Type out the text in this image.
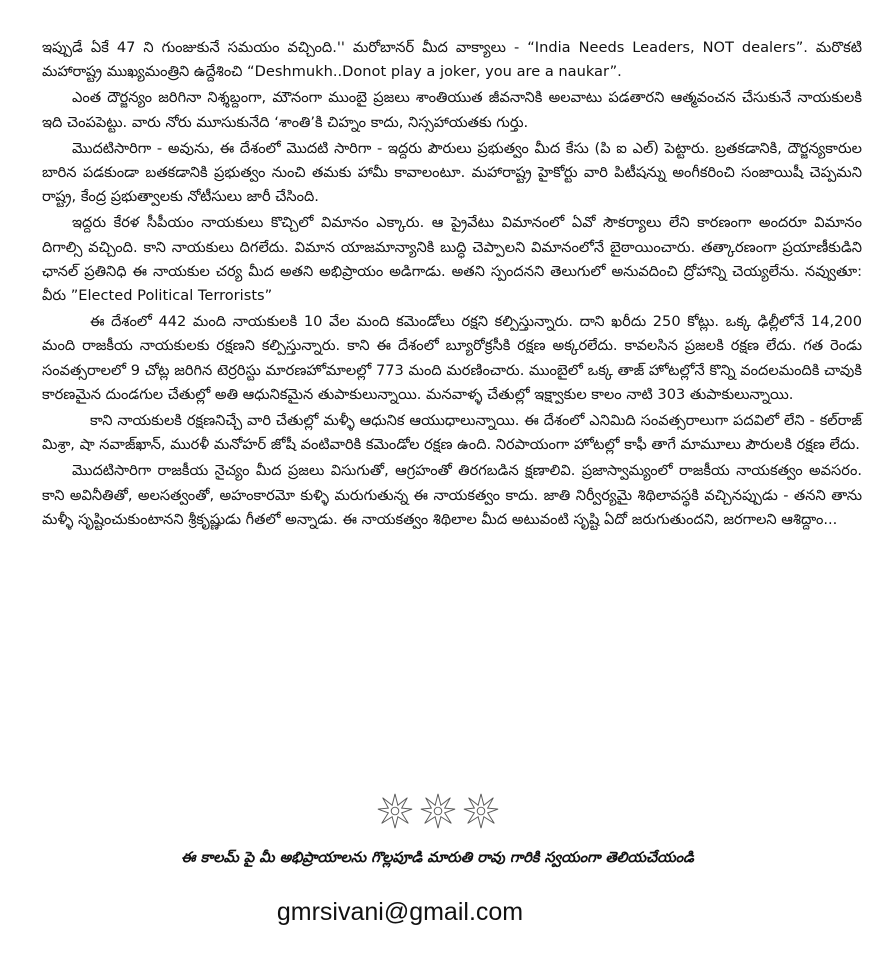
ఇప్పుడే ఏకే 47 ని గుంజుకునే సమయం వచ్చింది.'' మరోబానర్ మీద వాక్యాలు - “India Needs Leaders, NOT dealers”. మరొకటి మహారాష్ట్ర ముఖ్యమంత్రిని ఉద్దేశించి “Deshmukh..Donot play a joker, you are a naukar”.

ఎంత దౌర్జన్యం జరిగినా నిశ్శబ్దంగా, మౌనంగా ముంబై ప్రజలు శాంతియుత జీవనానికి అలవాటు పడతారని ఆత్మవంచన చేసుకునే నాయకులకి ఇది చెంపపెట్టు. వారు నోరు మూసుకునేది ‘శాంతి’కి చిహ్నం కాదు, నిస్సహాయతకు గుర్తు.

మొదటిసారిగా - అవును, ఈ దేశంలో మొదటి సారిగా - ఇద్దరు పౌరులు ప్రభుత్వం మీద కేసు (పి ఐ ఎల్) పెట్టారు. బ్రతకడానికి, దౌర్జన్యకారుల బారిన పడకుండా బతకడానికి ప్రభుత్వం నుంచి తమకు హామీ కావాలంటూ. మహారాష్ట్ర హైకోర్టు వారి పిటీషన్ను అంగీకరించి సంజాయిషీ చెప్పమని రాష్ట్ర, కేంద్ర ప్రభుత్వాలకు నోటీసులు జారీ చేసింది.

ఇద్దరు కేరళ సీపీయం నాయకులు కొచ్చిలో విమానం ఎక్కారు. ఆ ప్రైవేటు విమానంలో ఏవో సౌకర్యాలు లేని కారణంగా అందరూ విమానం దిగాల్సి వచ్చింది. కాని నాయకులు దిగలేదు. విమాన యాజమాన్యానికి బుద్ధి చెప్పాలని విమానంలోనే బైఠాయించారు. తత్కారణంగా ప్రయాణీకుడిని ఛానల్ ప్రతినిధి ఈ నాయకుల చర్య మీద అతని అభిప్రాయం అడిగాడు. అతని స్పందనని తెలుగులో అనువదించి ద్రోహాన్ని చెయ్యలేను. నవ్వుతూ: వీరు ”Elected Political Terrorists”

ఈ దేశంలో 442 మంది నాయకులకి 10 వేల మంది కమెండోలు రక్షని కల్పిస్తున్నారు. దాని ఖరీదు 250 కోట్లు. ఒక్క ఢిల్లీలోనే 14,200 మంది రాజకీయ నాయకులకు రక్షణని కల్పిస్తున్నారు. కాని ఈ దేశంలో బ్యూరోక్రసీకి రక్షణ అక్కరలేదు. కావలసిన ప్రజలకి రక్షణ లేదు. గత రెండు సంవత్సరాలలో 9 చోట్ల జరిగిన టెర్రరిస్టు మారణహోమాలల్లో 773 మంది మరణించారు. ముంబైలో ఒక్క తాజ్ హోటల్లోనే కొన్ని వందలమందికి చావుకి కారణమైన దుండగుల చేతుల్లో అతి ఆధునికమైన తుపాకులున్నాయి. మనవాళ్ళ చేతుల్లో ఇక్ష్వాకుల కాలం నాటి 303 తుపాకులున్నాయి.

కాని నాయకులకి రక్షణనిచ్చే వారి చేతుల్లో మళ్ళీ ఆధునిక ఆయుధాలున్నాయి. ఈ దేశంలో ఎనిమిది సంవత్సరాలుగా పదవిలో లేని - కల్‌రాజ్ మిశ్రా, షా నవాజ్‌ఖాన్, మురళీ మనోహర్ జోషీ వంటివారికి కమెండోల రక్షణ ఉంది. నిరపాయంగా హోటల్లో కాఫీ తాగే మామూలు పౌరులకి రక్షణ లేదు.

మొదటిసారిగా రాజకీయ నైచ్యం మీద ప్రజలు విసుగుతో, ఆగ్రహంతో తిరగబడిన క్షణాలివి. ప్రజాస్వామ్యంలో రాజకీయ నాయకత్వం అవసరం. కాని అవినీతితో, అలసత్వంతో, అహంకారమో కుళ్ళి మరుగుతున్న ఈ నాయకత్వం కాదు. జాతి నిర్వీర్యమై శిథిలావస్థకి వచ్చినప్పుడు - తనని తాను మళ్ళీ సృష్టించుకుంటానని శ్రీకృష్ణుడు గీతలో అన్నాడు. ఈ నాయకత్వం శిథిలాల మీద అటువంటి సృష్టి ఏదో జరుగుతుందని, జరగాలని ఆశిద్దాం...

ఈ కాలమ్ పై మీ అభిప్రాయాలను గొల్లపూడి మారుతి రావు గారికి స్వయంగా తెలియచేయండి
gmrsivani@gmail.com
